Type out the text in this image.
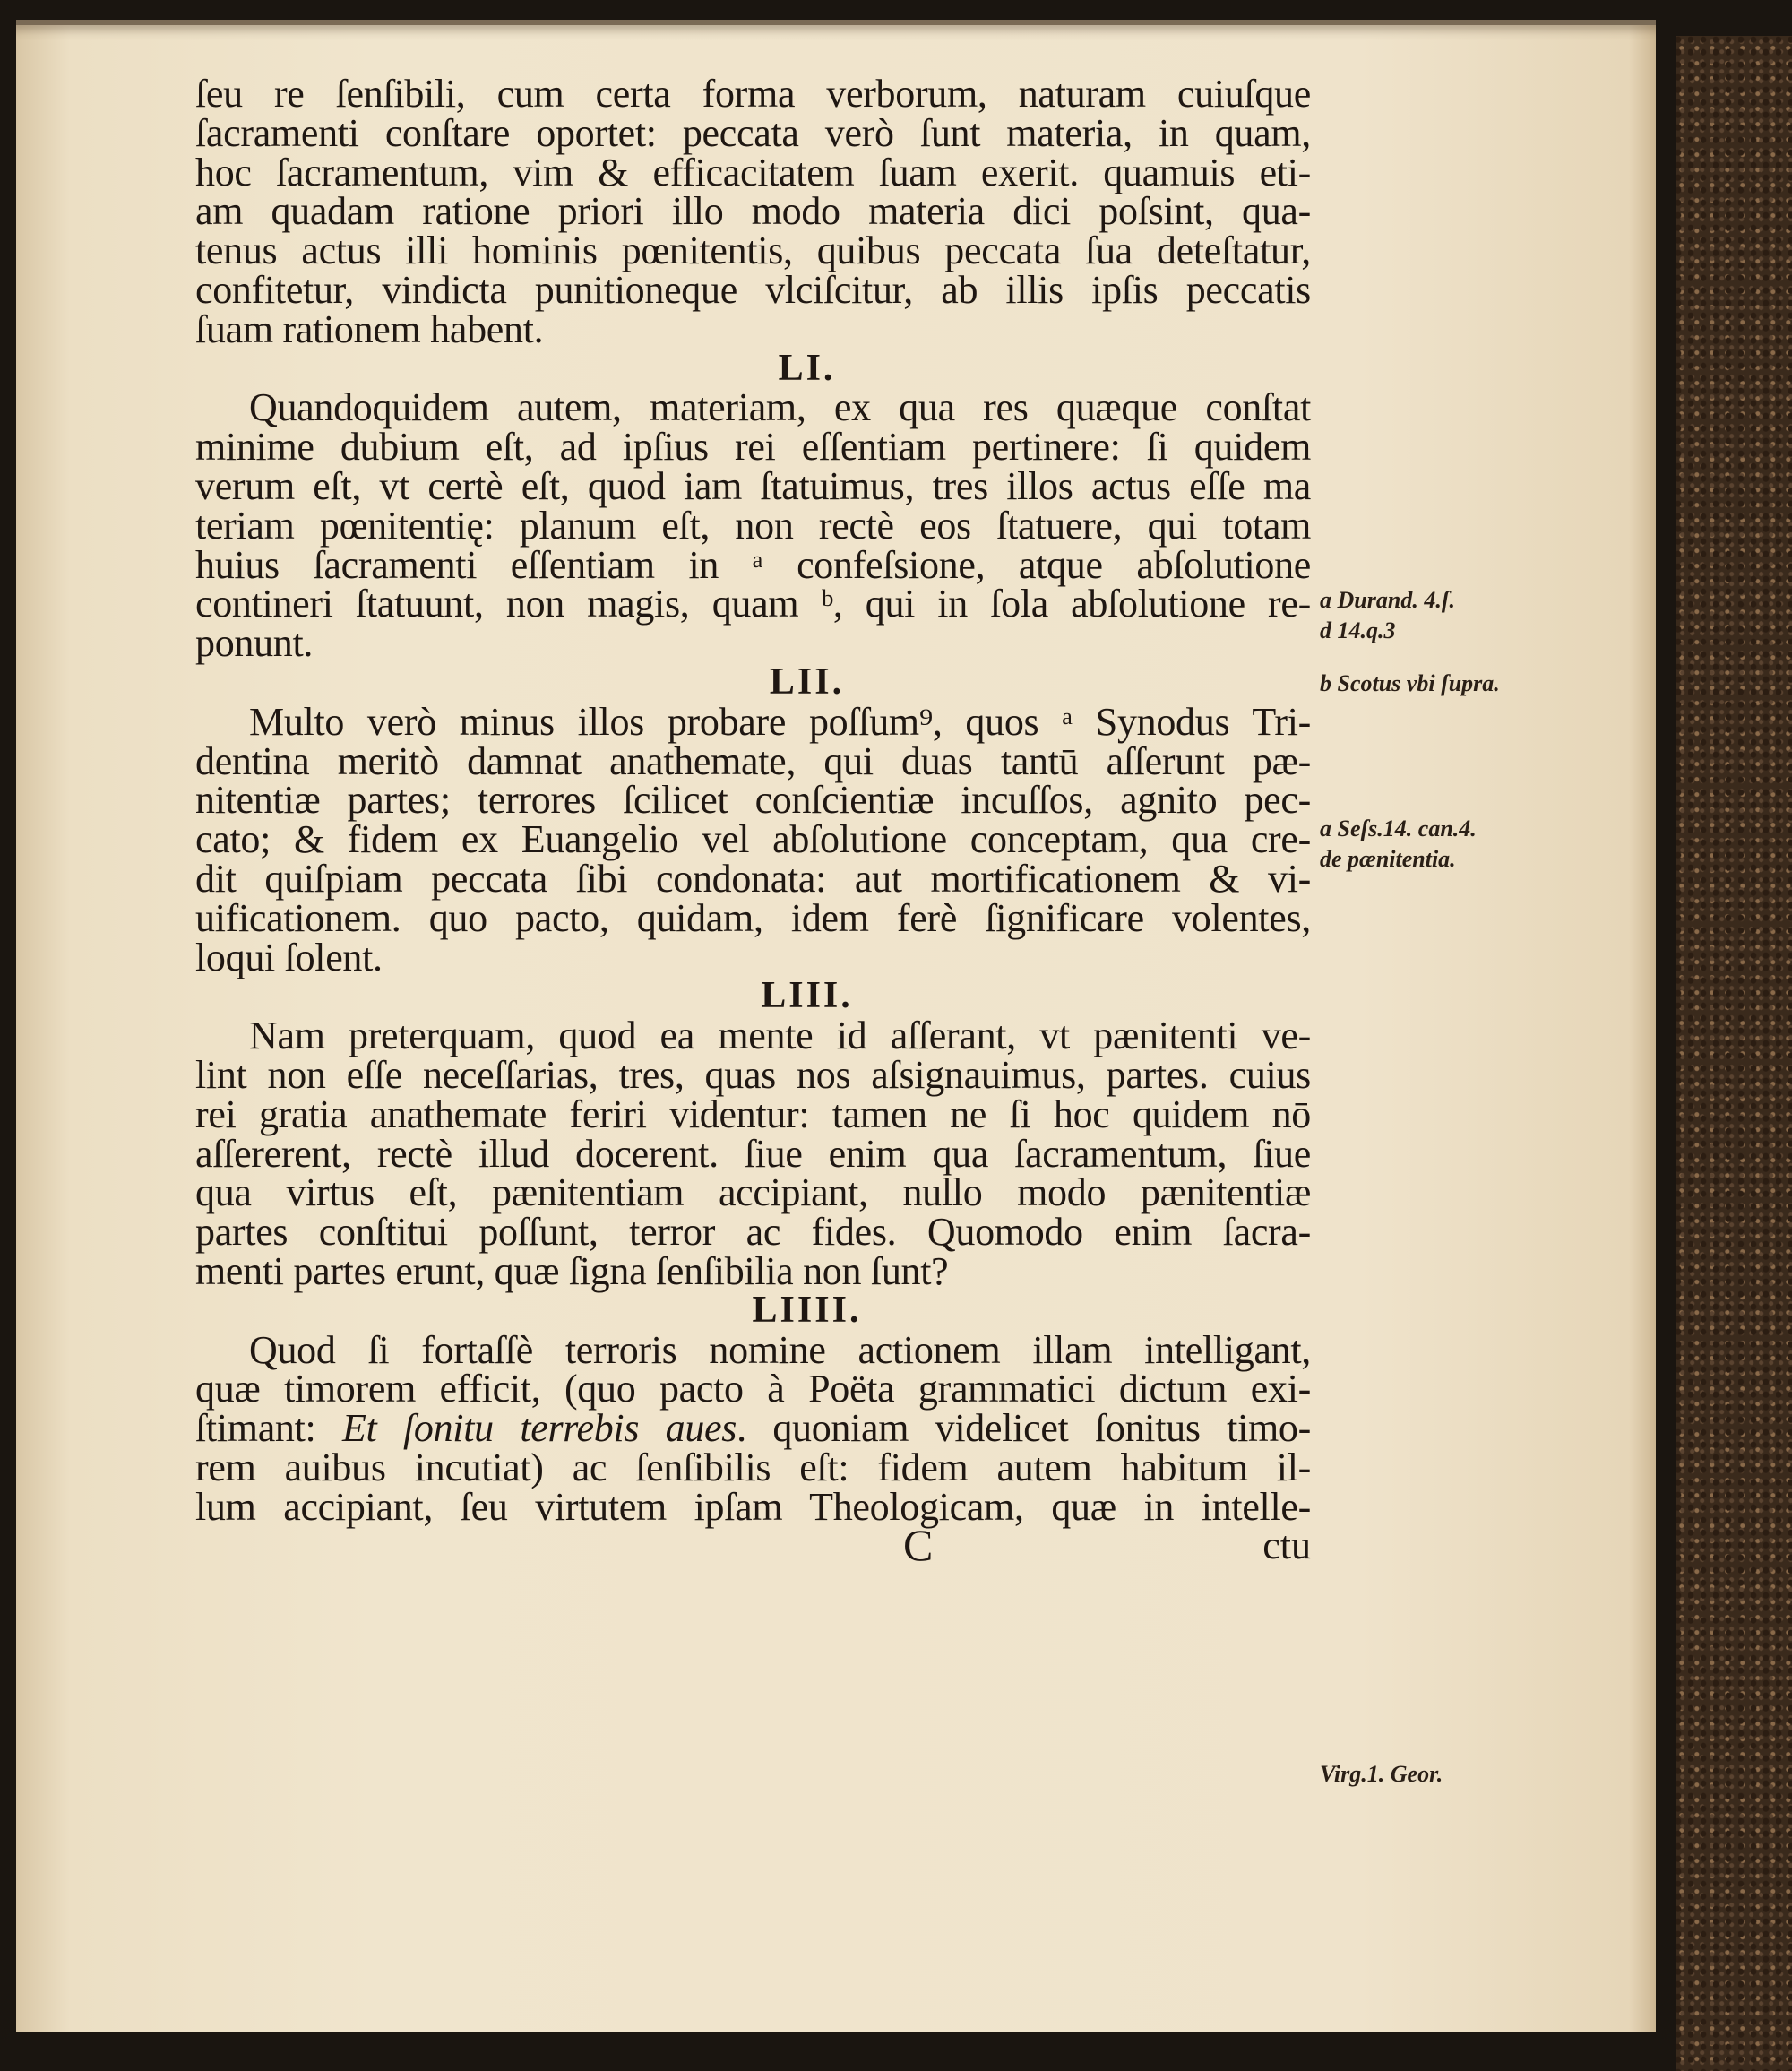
ſeu re ſenſibili, cum certa forma verborum, naturam cuiuſque
ſacramenti conſtare oportet: peccata verò ſunt materia, in quam,
hoc ſacramentum, vim & efficacitatem ſuam exerit. quamuis eti-
am quadam ratione priori illo modo materia dici poſsint, qua-
tenus actus illi hominis pœnitentis, quibus peccata ſua deteſtatur,
confitetur, vindicta punitioneque vlciſcitur, ab illis ipſis peccatis
ſuam rationem habent.
LI.
Quandoquidem autem, materiam, ex qua res quæque conſtat
minime dubium eſt, ad ipſius rei eſſentiam pertinere: ſi quidem
verum eſt, vt certè eſt, quod iam ſtatuimus, tres illos actus eſſe ma
teriam pœnitentię: planum eſt, non rectè eos ſtatuere, qui totam
huius ſacramenti eſſentiam in ᵃ confeſsione, atque abſolutione
contineri ſtatuunt, non magis, quam ᵇ, qui in ſola abſolutione re-
ponunt.
LII.
Multo verò minus illos probare poſſum⁹, quos ᵃ Synodus Tri-
dentina meritò damnat anathemate, qui duas tantū aſſerunt pæ-
nitentiæ partes; terrores ſcilicet conſcientiæ incuſſos, agnito pec-
cato; & fidem ex Euangelio vel abſolutione conceptam, qua cre-
dit quiſpiam peccata ſibi condonata: aut mortificationem & vi-
uificationem. quo pacto, quidam, idem ferè ſignificare volentes,
loqui ſolent.
LIII.
Nam preterquam, quod ea mente id aſſerant, vt pænitenti ve-
lint non eſſe neceſſarias, tres, quas nos aſsignauimus, partes. cuius
rei gratia anathemate feriri videntur: tamen ne ſi hoc quidem nō
aſſererent, rectè illud docerent. ſiue enim qua ſacramentum, ſiue
qua virtus eſt, pænitentiam accipiant, nullo modo pænitentiæ
partes conſtitui poſſunt, terror ac fides. Quomodo enim ſacra-
menti partes erunt, quæ ſigna ſenſibilia non ſunt?
LIIII.
Quod ſi fortaſſè terroris nomine actionem illam intelligant,
quæ timorem efficit, (quo pacto à Poëta grammatici dictum exi-
ſtimant: Et ſonitu terrebis aues. quoniam videlicet ſonitus timo-
rem auibus incutiat) ac ſenſibilis eſt: fidem autem habitum il-
lum accipiant, ſeu virtutem ipſam Theologicam, quæ in intelle-
C	ctu
a Durand. 4.ſ.
d 14.q.3
b Scotus vbi ſupra.
a Seſs.14. can.4.
de pænitentia.
Virg.1. Geor.
